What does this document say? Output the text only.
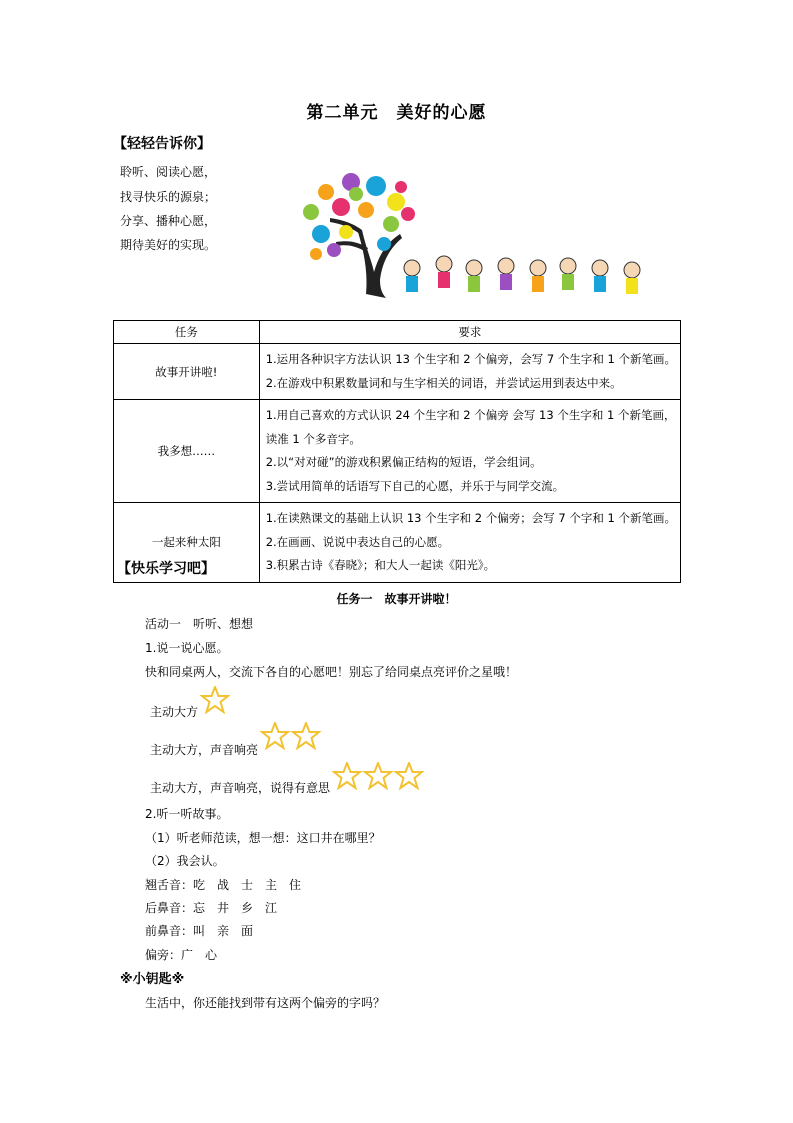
第二单元　美好的心愿
【轻轻告诉你】
聆听、阅读心愿，
找寻快乐的源泉；
分享、播种心愿，
期待美好的实现。
任务	要求
故事开讲啦!	1.运用各种识字方法认识 13 个生字和 2 个偏旁，会写 7 个生字和 1 个新笔画。
2.在游戏中积累数量词和与生字相关的词语，并尝试运用到表达中来。

我多想……	1.用自己喜欢的方式认识 24 个生字和 2 个偏旁 会写 13 个生字和 1 个新笔画，
读准 1 个多音字。
2.以“对对碰”的游戏积累偏正结构的短语，学会组词。
3.尝试用简单的话语写下自己的心愿，并乐于与同学交流。

一起来种太阳	1.在读熟课文的基础上认识 13 个生字和 2 个偏旁；会写 7 个字和 1 个新笔画。
2.在画画、说说中表达自己的心愿。
3.积累古诗《春晓》；和大人一起读《阳光》。
【快乐学习吧】
任务一　故事开讲啦！
活动一　听听、想想
1.说一说心愿。
快和同桌两人，交流下各自的心愿吧！别忘了给同桌点亮评价之星哦！
主动大方
主动大方，声音响亮
主动大方，声音响亮，说得有意思
2.听一听故事。
（1）听老师范读，想一想：这口井在哪里？
（2）我会认。
翘舌音：吃　战　士　主　住
后鼻音：忘　井　乡　江
前鼻音：叫　亲　面
偏旁：广　心
※小钥匙※
生活中，你还能找到带有这两个偏旁的字吗？
